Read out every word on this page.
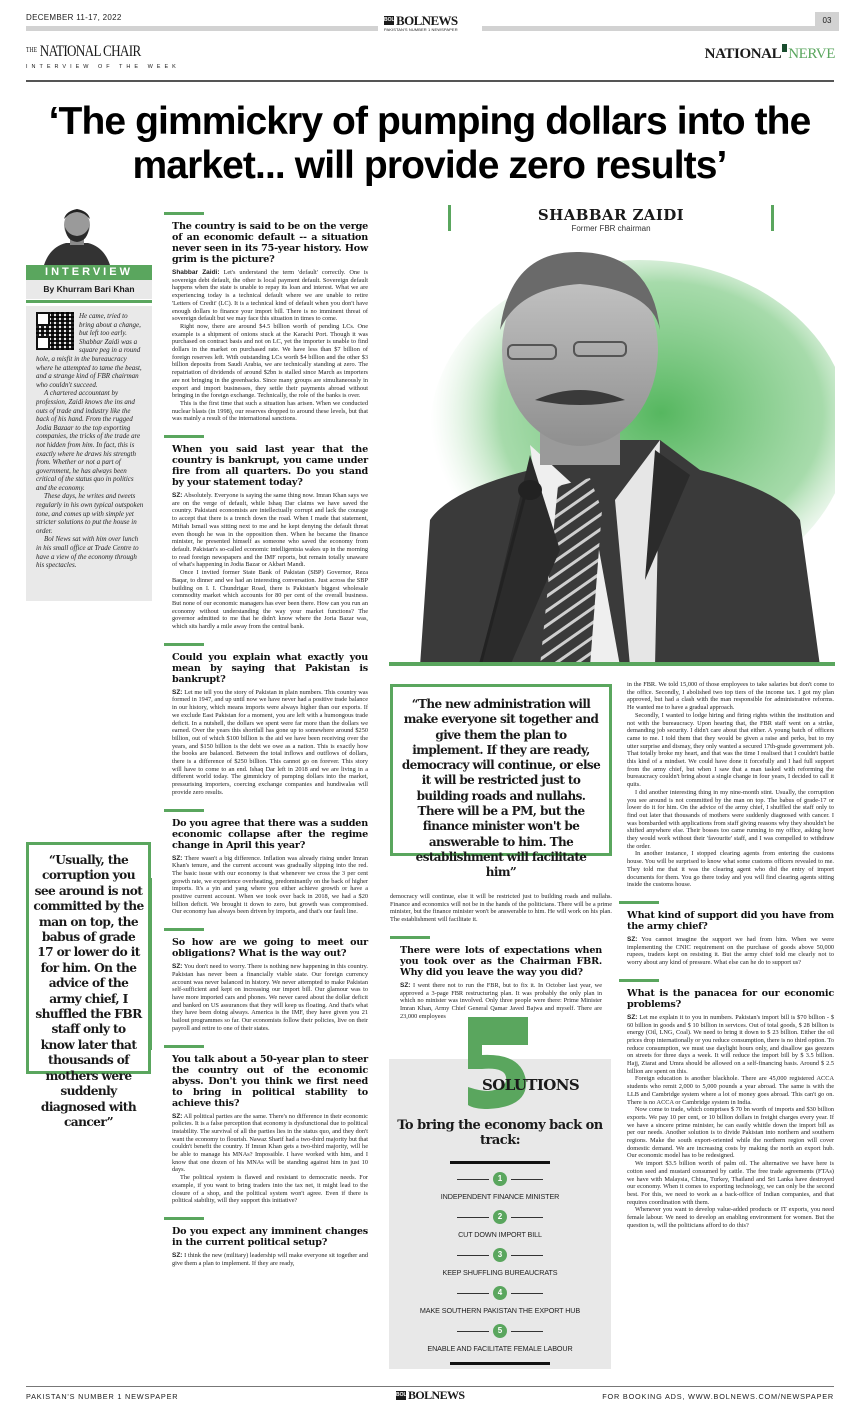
DECEMBER 11-17, 2022	03
BOL BOLNEWS
PAKISTAN'S NUMBER 1 NEWSPAPER
$^{THE}$ NATIONAL CHAIR
INTERVIEW OF THE WEEK
NATIONAL NERVE
‘The gimmickry of pumping dollars into the market... will provide zero results’
INTERVIEW
By Khurram Bari Khan

He came, tried to bring about a change, but left too early. Shabbar Zaidi was a square peg in a round hole, a misfit in the bureaucracy where he attempted to tame the beast, and a strange kind of FBR chairman who couldn't succeed.

A chartered accountant by profession, Zaidi knows the ins and outs of trade and industry like the back of his hand. From the rugged Jodia Bazaar to the top exporting companies, the tricks of the trade are not hidden from him. In fact, this is exactly where he draws his strength from. Whether or not a part of government, he has always been critical of the status quo in politics and the economy.

These days, he writes and tweets regularly in his own typical outspoken tone, and comes up with simple yet stricter solutions to put the house in order.

Bol News sat with him over lunch in his small office at Trade Centre to have a view of the economy through his spectacles.

“Usually, the corruption you see around is not committed by the man on top, the babus of grade 17 or lower do it for him. On the advice of the army chief, I shuffled the FBR staff only to know later that thousands of mothers were suddenly diagnosed with cancer”
The country is said to be on the verge of an economic default -- a situation never seen in its 75-year history. How grim is the picture?

Shabbar Zaidi: Let's understand the term 'default' correctly. One is sovereign debt default, the other is local payment default. Sovereign default happens when the state is unable to repay its loan and interest. What we are experiencing today is a technical default where we are unable to retire 'Letters of Credit' (LC). It is a technical kind of default when you don't have enough dollars to finance your import bill. There is no imminent threat of sovereign default but we may face this situation in times to come.

Right now, there are around $4.5 billion worth of pending LCs. One example is a shipment of onions stuck at the Karachi Port. Though it was purchased on contract basis and not on LC, yet the importer is unable to find dollars in the market on purchased rate. We have less than $7 billion of foreign reserves left. With outstanding LCs worth $4 billion and the other $3 billion deposits from Saudi Arabia, we are technically standing at zero. The repatriation of dividends of around $2bn is stalled since March as importers are not bringing in the greenbacks. Since many groups are simultaneously in export and import businesses, they settle their payments abroad without bringing in the foreign exchange. Technically, the role of the banks is over.

This is the first time that such a situation has arisen. When we conducted nuclear blasts (in 1998), our reserves dropped to around these levels, but that was mainly a result of the international sanctions.

When you said last year that the country is bankrupt, you came under fire from all quarters. Do you stand by your statement today?

SZ: Absolutely. Everyone is saying the same thing now. Imran Khan says we are on the verge of default, while Ishaq Dar claims we have saved the country. Pakistani economists are intellectually corrupt and lack the courage to accept that there is a trench down the road. When I made that statement, Miftah Ismail was sitting next to me and he kept denying the default threat even though he was in the opposition then. When he became the finance minister, he presented himself as someone who saved the economy from default. Pakistan's so-called economic intelligentsia wakes up in the morning to read foreign newspapers and the IMF reports, but remain totally unaware of what's happening in Jodia Bazar or Akbari Mandi.

Once I invited former State Bank of Pakistan (SBP) Governor, Reza Baqar, to dinner and we had an interesting conversation. Just across the SBP building on I. I. Chundrigar Road, there is Pakistan's biggest wholesale commodity market which accounts for 80 per cent of the overall business. But none of our economic managers has ever been there. How can you run an economy without understanding the way your market functions? The governor admitted to me that he didn't know where the Joria Bazar was, which sits hardly a mile away from the central bank.

Could you explain what exactly you mean by saying that Pakistan is bankrupt?

SZ: Let me tell you the story of Pakistan in plain numbers. This country was formed in 1947, and up until now we have never had a positive trade balance in our history, which means imports were always higher than our exports. If we exclude East Pakistan for a moment, you are left with a humongous trade deficit. In a nutshell, the dollars we spent were far more than the dollars we earned. Over the years this shortfall has gone up to somewhere around $250 billion, out of which $100 billion is the aid we have been receiving over the years, and $150 billion is the debt we owe as a nation. This is exactly how the books are balanced. Between the total inflows and outflows of dollars, there is a difference of $250 billion. This cannot go on forever. This story will have to come to an end. Ishaq Dar left in 2018 and we are living in a different world today. The gimmickry of pumping dollars into the market, pressurising importers, coercing exchange companies and hundiwalas will provide zero results.

Do you agree that there was a sudden economic collapse after the regime change in April this year?

SZ: There wasn't a big difference. Inflation was already rising under Imran Khan's tenure, and the current account was gradually slipping into the red. The basic issue with our economy is that whenever we cross the 3 per cent growth rate, we experience overheating, predominantly on the back of higher imports. It's a yin and yang where you either achieve growth or have a positive current account. When we took over back in 2018, we had a $20 billion deficit. We brought it down to zero, but growth was compromised. Our economy has always been driven by imports, and that's our fault line.

So how are we going to meet our obligations? What is the way out?

SZ: You don't need to worry. There is nothing new happening in this country. Pakistan has never been a financially viable state. Our foreign currency account was never balanced in history. We never attempted to make Pakistan self-sufficient and kept on increasing our import bill. Our glamour was to have more imported cars and phones. We never cared about the dollar deficit and banked on US assurances that they will keep us floating. And that's what they have been doing always. America is the IMF, they have given you 21 bailout programmes so far. Our economists follow their policies, live on their payroll and retire to one of their states.

You talk about a 50-year plan to steer the country out of the economic abyss. Don't you think we first need to bring in political stability to achieve this?

SZ: All political parties are the same. There's no difference in their economic policies. It is a false perception that economy is dysfunctional due to political instability. The survival of all the parties lies in the status quo, and they don't want the economy to flourish. Nawaz Sharif had a two-third majority but that couldn't benefit the country. If Imran Khan gets a two-third majority, will he be able to manage his MNAs? Impossible. I have worked with him, and I know that one dozen of his MNAs will be standing against him in just 10 days.

The political system is flawed and resistant to democratic needs. For example, if you want to bring traders into the tax net, it might lead to the closure of a shop, and the political system won't agree. Even if there is political stability, will they support this initiative?

Do you expect any imminent changes in the current political setup?

SZ: I think the new (military) leadership will make everyone sit together and give them a plan to implement. If they are ready,

SHABBAR ZAIDI
Former FBR chairman
“The new administration will make everyone sit together and give them the plan to implement. If they are ready, democracy will continue, or else it will be restricted just to building roads and nullahs. There will be a PM, but the finance minister won't be answerable to him. The establishment will facilitate him”

democracy will continue, else it will be restricted just to building roads and nullahs. Finance and economics will not be in the hands of the politicians. There will be a prime minister, but the finance minister won't be answerable to him. He will work on his plan. The establishment will facilitate it.

There were lots of expectations when you took over as the Chairman FBR. Why did you leave the way you did?

SZ: I went there not to run the FBR, but to fix it. In October last year, we approved a 3-page FBR restructuring plan. It was probably the only plan in which no minister was involved. Only three people were there: Prime Minister Imran Khan, Army Chief General Qamar Javed Bajwa and myself. There are 23,000 employees

SOLUTIONS
To bring the economy back on track:
1
INDEPENDENT FINANCE MINISTER
2
CUT DOWN IMPORT BILL
3
KEEP SHUFFLING BUREAUCRATS
4
MAKE SOUTHERN PAKISTAN THE EXPORT HUB
5
ENABLE AND FACILITATE FEMALE LABOUR

in the FBR. We told 15,000 of those employees to take salaries but don't come to the office. Secondly, I abolished two top tiers of the income tax. I got my plan approved, but had a clash with the man responsible for administrative reforms. He wanted me to have a gradual approach.

Secondly, I wanted to lodge hiring and firing rights within the institution and not with the bureaucracy. Upon hearing that, the FBR staff went on a strike, demanding job security. I didn't care about that either. A young batch of officers came to me. I told them that they would be given a raise and perks, but to my utter surprise and dismay, they only wanted a secured 17th-grade government job. That totally broke my heart, and that was the time I realised that I couldn't battle this kind of a mindset. We could have done it forcefully and I had full support from the army chief, but when I saw that a man tasked with reforming the bureaucracy couldn't bring about a single change in four years, I decided to call it quits.

I did another interesting thing in my nine-month stint. Usually, the corruption you see around is not committed by the man on top. The babus of grade-17 or lower do it for him. On the advice of the army chief, I shuffled the staff only to find out later that thousands of mothers were suddenly diagnosed with cancer. I was bombarded with applications from staff giving reasons why they shouldn't be shifted anywhere else. Their bosses too came running to my office, asking how they would work without their 'favourite' staff, and I was compelled to withdraw the order.

In another instance, I stopped clearing agents from entering the customs house. You will be surprised to know what some customs officers revealed to me. They told me that it was the clearing agent who did the entry of import documents for them. You go there today and you will find clearing agents sitting inside the customs house.

What kind of support did you have from the army chief?

SZ: You cannot imagine the support we had from him. When we were implementing the CNIC requirement on the purchase of goods above 50,000 rupees, traders kept on resisting it. But the army chief told me clearly not to worry about any kind of pressure. What else can he do to support us?

What is the panacea for our economic problems?

SZ: Let me explain it to you in numbers. Pakistan's import bill is $70 billion - $ 60 billion in goods and $ 10 billion in services. Out of total goods, $ 28 billion is energy (Oil, LNG, Coal). We need to bring it down to $ 23 billion. Either the oil prices drop internationally or you reduce consumption, there is no third option. To reduce consumption, we must use daylight hours only, and disallow gas geezers on streets for three days a week. It will reduce the import bill by $ 3.5 billion. Hajj, Ziarat and Umra should be allowed on a self-financing basis. Around $ 2.5 billion are spent on this.

Foreign education is another blackhole. There are 45,000 registered ACCA students who remit 2,000 to 5,000 pounds a year abroad. The same is with the LLB and Cambridge system where a lot of money goes abroad. This can't go on. There is no ACCA or Cambridge system in India.

Now come to trade, which comprises $ 70 bn worth of imports and $30 billion exports. We pay 10 per cent, or 10 billion dollars in freight charges every year. If we have a sincere prime minister, he can easily whittle down the import bill as per our needs. Another solution is to divide Pakistan into northern and southern regions. Make the south export-oriented while the northern region will cover domestic demand. We are increasing costs by making the north an export hub. Our economic model has to be redesigned.

We import $3.5 billion worth of palm oil. The alternative we have here is cotton seed and mustard consumed by cattle. The free trade agreements (FTAs) we have with Malaysia, China, Turkey, Thailand and Sri Lanka have destroyed our economy. When it comes to exporting technology, we can only be the second best. For this, we need to work as a back-office of Indian companies, and that requires coordination with them.

Whenever you want to develop value-added products or IT exports, you need female labour. We need to develop an enabling environment for women. But the question is, will the politicians afford to do this?

PAKISTAN'S NUMBER 1 NEWSPAPER	BOL BOLNEWS	FOR BOOKING ADS, WWW.BOLNEWS.COM/NEWSPAPER
